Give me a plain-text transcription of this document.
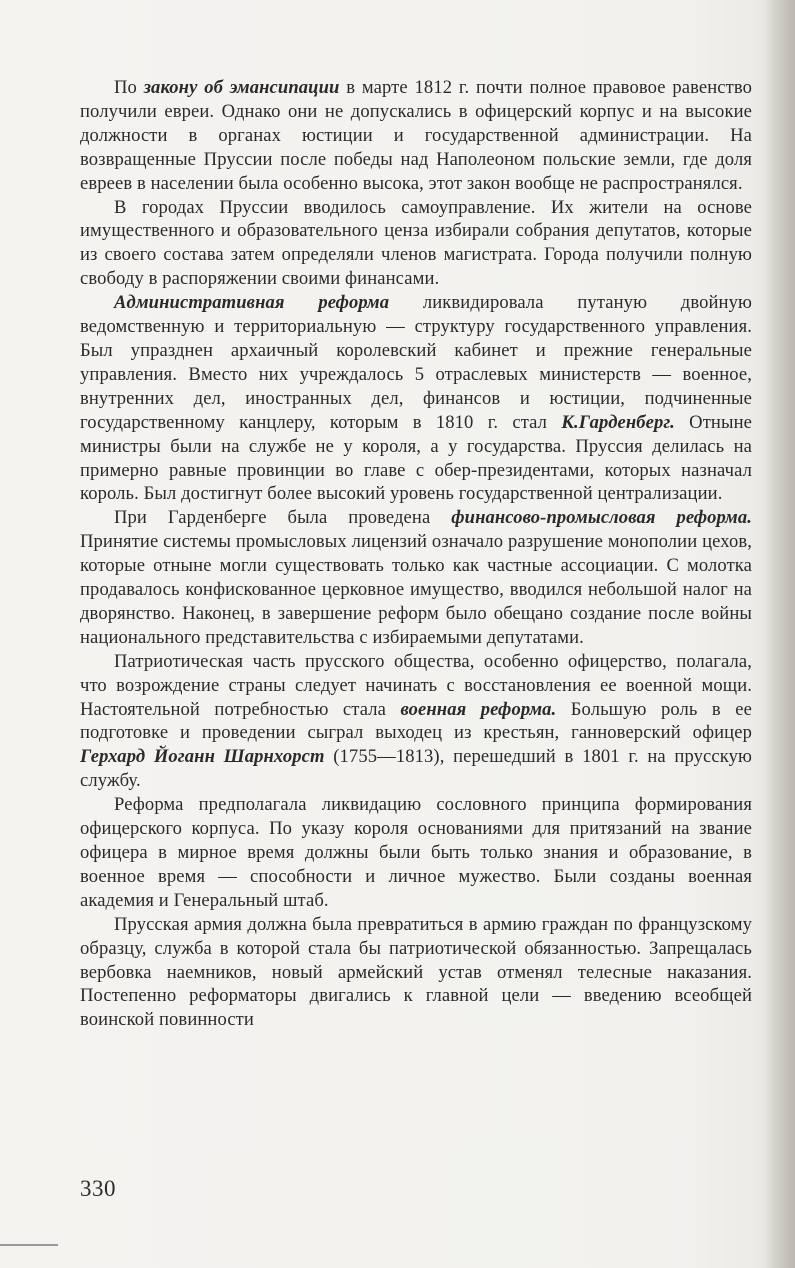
По закону об эмансипации в марте 1812 г. почти полное правовое равенство получили евреи. Однако они не допускались в офицерский корпус и на высокие должности в органах юстиции и государственной администрации. На возвращенные Пруссии после победы над Наполеоном польские земли, где доля евреев в населении была особенно высока, этот закон вообще не распространялся.

В городах Пруссии вводилось самоуправление. Их жители на основе имущественного и образовательного ценза избирали собрания депутатов, которые из своего состава затем определяли членов магистрата. Города получили полную свободу в распоряжении своими финансами.

Административная реформа ликвидировала путаную двойную ведомственную и территориальную — структуру государственного управления. Был упразднен архаичный королевский кабинет и прежние генеральные управления. Вместо них учреждалось 5 отраслевых министерств — военное, внутренних дел, иностранных дел, финансов и юстиции, подчиненные государственному канцлеру, которым в 1810 г. стал К.Гарденберг. Отныне министры были на службе не у короля, а у государства. Пруссия делилась на примерно равные провинции во главе с обер-президентами, которых назначал король. Был достигнут более высокий уровень государственной централизации.

При Гарденберге была проведена финансово-промысловая реформа. Принятие системы промысловых лицензий означало разрушение монополии цехов, которые отныне могли существовать только как частные ассоциации. С молотка продавалось конфискованное церковное имущество, вводился небольшой налог на дворянство. Наконец, в завершение реформ было обещано создание после войны национального представительства с избираемыми депутатами.

Патриотическая часть прусского общества, особенно офицерство, полагала, что возрождение страны следует начинать с восстановления ее военной мощи. Настоятельной потребностью стала военная реформа. Большую роль в ее подготовке и проведении сыграл выходец из крестьян, ганноверский офицер Герхард Йоганн Шарнхорст (1755—1813), перешедший в 1801 г. на прусскую службу.

Реформа предполагала ликвидацию сословного принципа формирования офицерского корпуса. По указу короля основаниями для притязаний на звание офицера в мирное время должны были быть только знания и образование, в военное время — способности и личное мужество. Были созданы военная академия и Генеральный штаб.

Прусская армия должна была превратиться в армию граждан по французскому образцу, служба в которой стала бы патриотической обязанностью. Запрещалась вербовка наемников, новый армейский устав отменял телесные наказания. Постепенно реформаторы двигались к главной цели — введению всеобщей воинской повинности

330
